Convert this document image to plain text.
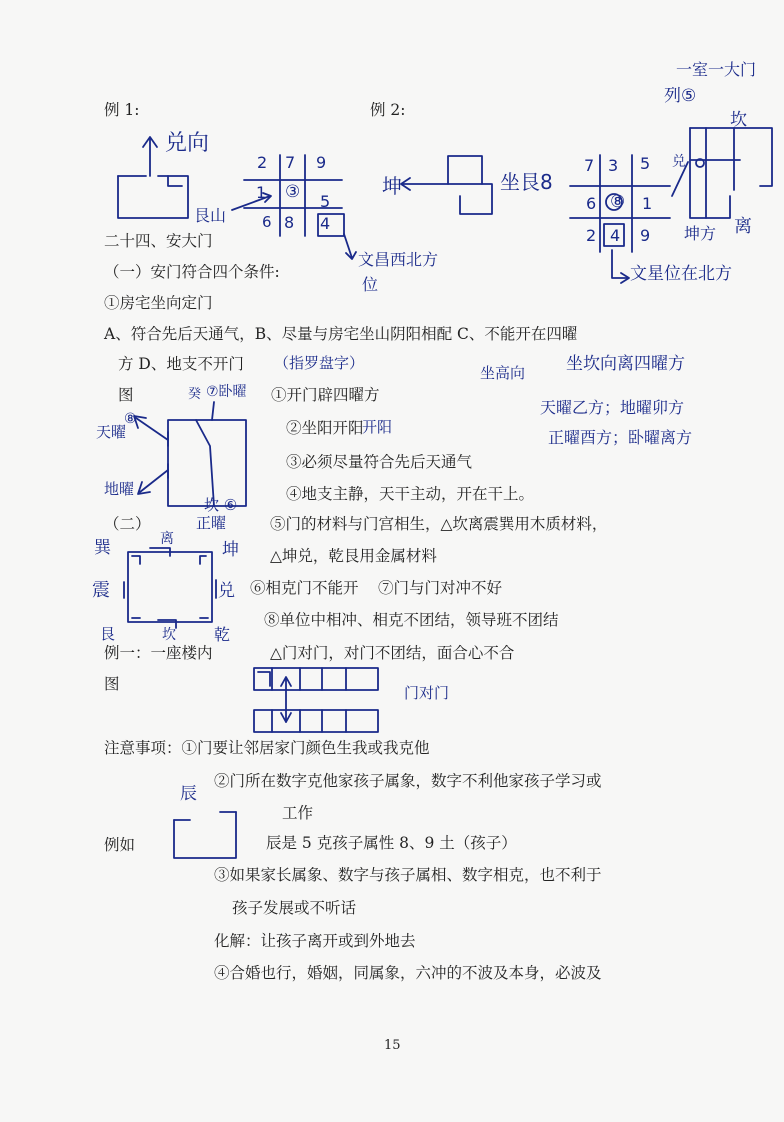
例 1:	例 2:
二十四、安大门
（一）安门符合四个条件:
①房宅坐向定门
A、符合先后天通气，B、尽量与房宅坐山阴阳相配 C、不能开在四曜
方 D、地支不开门
图	①开门辟四曜方
②坐阳开阳
③必须尽量符合先后天通气
④地支主静，天干主动，开在干上。
（二）	⑤门的材料与门宫相生，△坎离震巽用木质材料，
△坤兑，乾艮用金属材料
⑥相克门不能开 ⑦门与门对冲不好
⑧单位中相冲、相克不团结，领导班不团结
例一：一座楼内	△门对门，对门不团结，面合心不合
图
注意事项：①门要让邻居家门颜色生我或我克他
②门所在数字克他家孩子属象，数字不利他家孩子学习或
工作
例如	辰是 5 克孩子属性 8、9 土（孩子）
③如果家长属象、数字与孩子属相、数字相克，也不利于
孩子发展或不听话
化解：让孩子离开或到外地去
④合婚也行，婚姻，同属象，六冲的不波及本身，必波及
15
一室一大门
列⑤
坎
兑向
2 7 9
1 ③ 5
6 8 4
艮山
文昌西北方
位
坤	坐艮8
7 3 5
6 ⑧ 1
2 4 9
兑
坤方 离
文星位在北方
（指罗盘字）
坐高向 坐坎向离四曜方
天曜乙方；地曜卯方
正曜酉方；卧曜离方
开阳
癸 ⑦卧曜
⑧
天曜
地曜
坎 ⑥
正曜
离
巽	坤
震	兑
艮	坎 乾
门对门
辰
